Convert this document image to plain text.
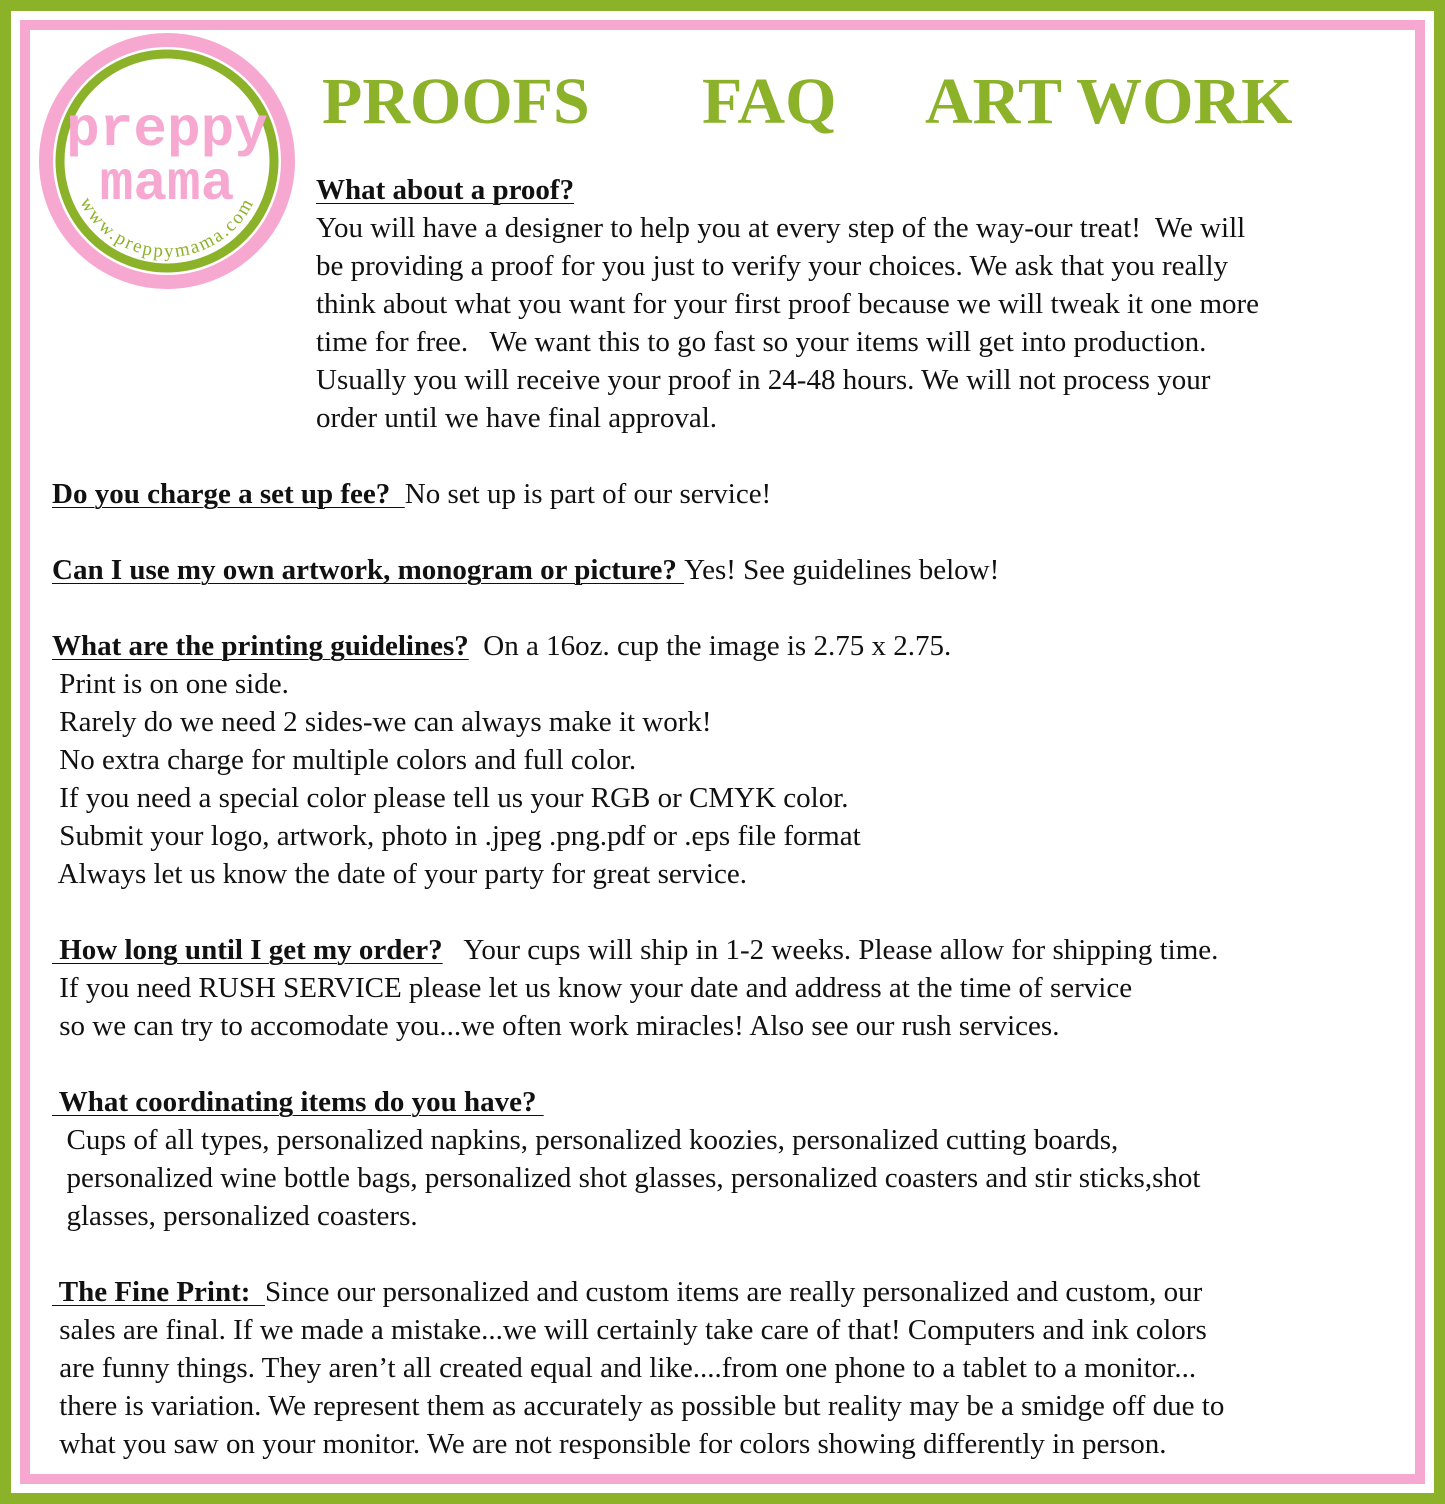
preppy
mama
www.preppymama.com
PROOFS FAQ ART WORK
What about a proof?
You will have a designer to help you at every step of the way-our treat!  We will
be providing a proof for you just to verify your choices. We ask that you really
think about what you want for your first proof because we will tweak it one more
time for free.   We want this to go fast so your items will get into production.
Usually you will receive your proof in 24-48 hours. We will not process your
order until we have final approval.
Do you charge a set up fee?  No set up is part of our service!
Can I use my own artwork, monogram or picture? Yes! See guidelines below!
What are the printing guidelines?  On a 16oz. cup the image is 2.75 x 2.75.
Print is on one side.
Rarely do we need 2 sides-we can always make it work!
No extra charge for multiple colors and full color.
If you need a special color please tell us your RGB or CMYK color.
Submit your logo, artwork, photo in .jpeg .png.pdf or .eps file format
Always let us know the date of your party for great service.
How long until I get my order?   Your cups will ship in 1-2 weeks. Please allow for shipping time.
If you need RUSH SERVICE please let us know your date and address at the time of service
so we can try to accomodate you...we often work miracles! Also see our rush services.
What coordinating items do you have?
Cups of all types, personalized napkins, personalized koozies, personalized cutting boards,
personalized wine bottle bags, personalized shot glasses, personalized coasters and stir sticks,shot
glasses, personalized coasters.
The Fine Print:  Since our personalized and custom items are really personalized and custom, our
sales are final. If we made a mistake...we will certainly take care of that! Computers and ink colors
are funny things. They aren’t all created equal and like....from one phone to a tablet to a monitor...
there is variation. We represent them as accurately as possible but reality may be a smidge off due to
what you saw on your monitor. We are not responsible for colors showing differently in person.
